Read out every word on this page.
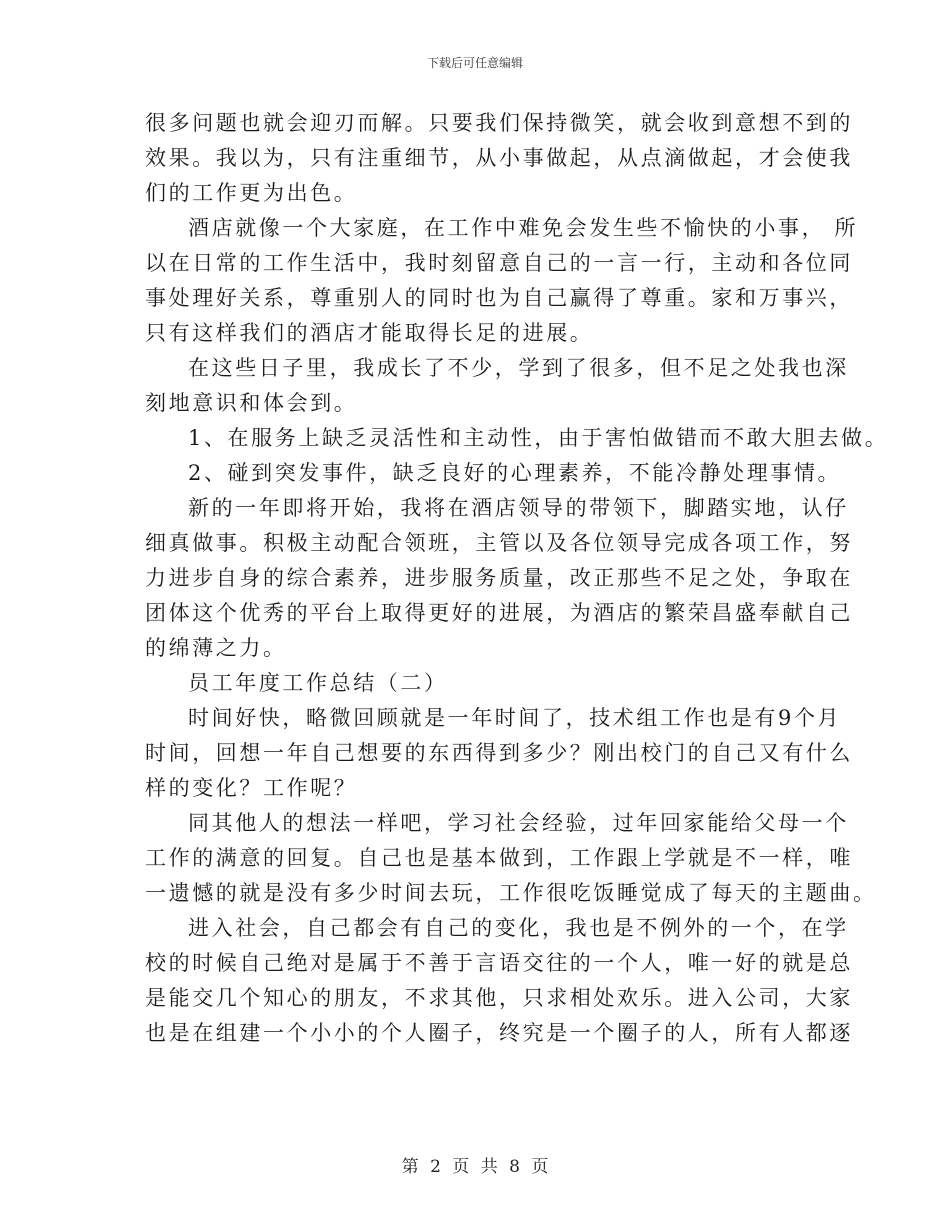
下载后可任意编辑
很多问题也就会迎刃而解。只要我们保持微笑，就会收到意想不到的
效果。我以为，只有注重细节，从小事做起，从点滴做起，才会使我
们的工作更为出色。
酒店就像一个大家庭，在工作中难免会发生些不愉快的小事， 所
以在日常的工作生活中，我时刻留意自己的一言一行，主动和各位同
事处理好关系，尊重别人的同时也为自己赢得了尊重。家和万事兴，
只有这样我们的酒店才能取得长足的进展。
在这些日子里，我成长了不少，学到了很多，但不足之处我也深
刻地意识和体会到。
1、在服务上缺乏灵活性和主动性，由于害怕做错而不敢大胆去做。
2、碰到突发事件，缺乏良好的心理素养，不能冷静处理事情。
新的一年即将开始，我将在酒店领导的带领下，脚踏实地，认仔
细真做事。积极主动配合领班，主管以及各位领导完成各项工作，努
力进步自身的综合素养，进步服务质量，改正那些不足之处，争取在
团体这个优秀的平台上取得更好的进展，为酒店的繁荣昌盛奉献自己
的绵薄之力。
员工年度工作总结（二）
时间好快，略微回顾就是一年时间了，技术组工作也是有9个月
时间，回想一年自己想要的东西得到多少？刚出校门的自己又有什么
样的变化？工作呢？
同其他人的想法一样吧，学习社会经验，过年回家能给父母一个
工作的满意的回复。自己也是基本做到，工作跟上学就是不一样，唯
一遗憾的就是没有多少时间去玩，工作很吃饭睡觉成了每天的主题曲。
进入社会，自己都会有自己的变化，我也是不例外的一个，在学
校的时候自己绝对是属于不善于言语交往的一个人，唯一好的就是总
是能交几个知心的朋友，不求其他，只求相处欢乐。进入公司，大家
也是在组建一个小小的个人圈子，终究是一个圈子的人，所有人都逐
第 2 页 共 8 页
